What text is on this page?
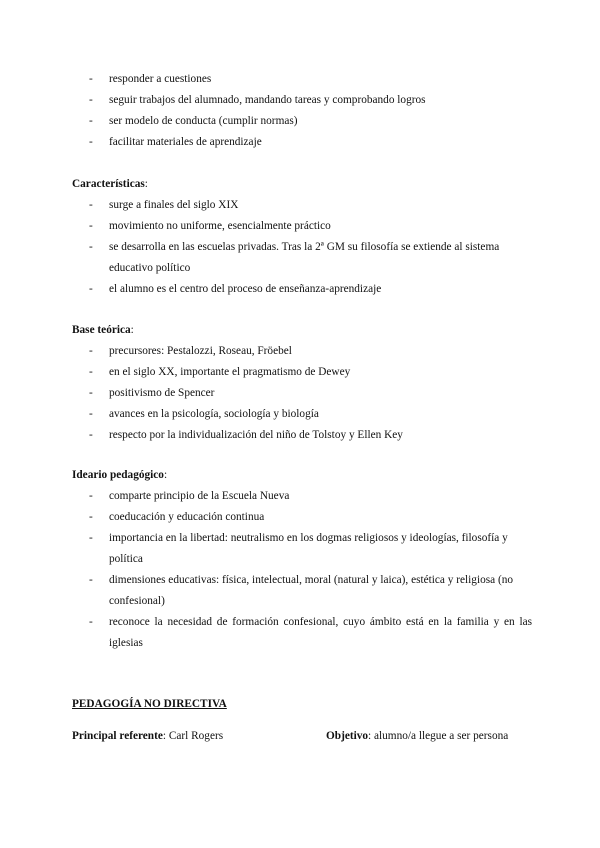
- responder a cuestiones
- seguir trabajos del alumnado, mandando tareas y comprobando logros
- ser modelo de conducta (cumplir normas)
- facilitar materiales de aprendizaje
Características:
- surge a finales del siglo XIX
- movimiento no uniforme, esencialmente práctico
- se desarrolla en las escuelas privadas. Tras la 2ª GM su filosofía se extiende al sistema educativo político
- el alumno es el centro del proceso de enseñanza-aprendizaje
Base teórica:
- precursores: Pestalozzi, Roseau, Fröebel
- en el siglo XX, importante el pragmatismo de Dewey
- positivismo de Spencer
- avances en la psicología, sociología y biología
- respecto por la individualización del niño de Tolstoy y Ellen Key
Ideario pedagógico:
- comparte principio de la Escuela Nueva
- coeducación y educación continua
- importancia en la libertad: neutralismo en los dogmas religiosos y ideologías, filosofía y política
- dimensiones educativas: física, intelectual, moral (natural y laica), estética y religiosa (no confesional)
- reconoce la necesidad de formación confesional, cuyo ámbito está en la familia y en las iglesias
PEDAGOGÍA NO DIRECTIVA
Principal referente: Carl Rogers	Objetivo: alumno/a llegue a ser persona
